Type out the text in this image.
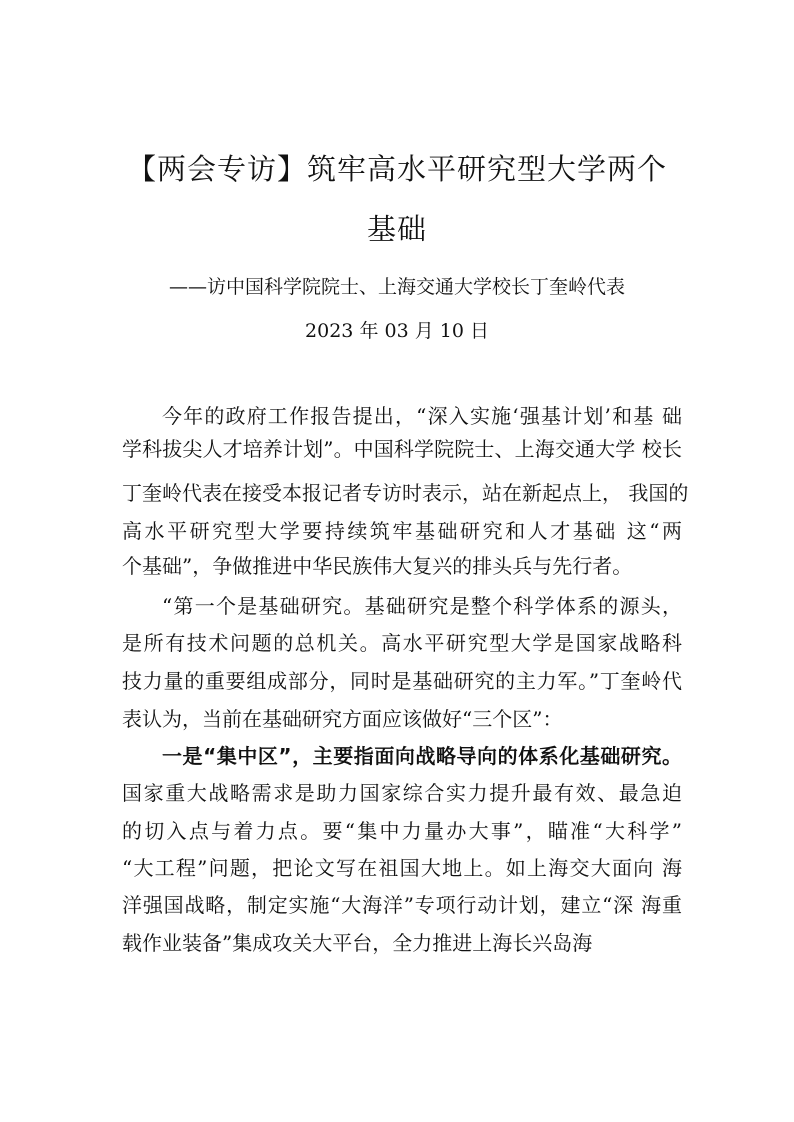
【两会专访】筑牢高水平研究型大学两个
基础
——访中国科学院院士、上海交通大学校长丁奎岭代表
2023 年 03 月 10 日
今年的政府工作报告提出，“深入实施‘强基计划’和基 础
学科拔尖人才培养计划”。中国科学院院士、上海交通大学 校长
丁奎岭代表在接受本报记者专访时表示，站在新起点上， 我国的
高水平研究型大学要持续筑牢基础研究和人才基础 这“两
个基础”，争做推进中华民族伟大复兴的排头兵与先行者。
“第一个是基础研究。基础研究是整个科学体系的源头，
是所有技术问题的总机关。高水平研究型大学是国家战略科
技力量的重要组成部分，同时是基础研究的主力军。”丁奎岭代
表认为，当前在基础研究方面应该做好“三个区”：
一是“集中区”，主要指面向战略导向的体系化基础研究。
国家重大战略需求是助力国家综合实力提升最有效、最急迫
的切入点与着力点。要“集中力量办大事”，瞄准“大科学”
“大工程”问题，把论文写在祖国大地上。如上海交大面向 海
洋强国战略，制定实施“大海洋”专项行动计划，建立“深 海重
载作业装备”集成攻关大平台，全力推进上海长兴岛海
